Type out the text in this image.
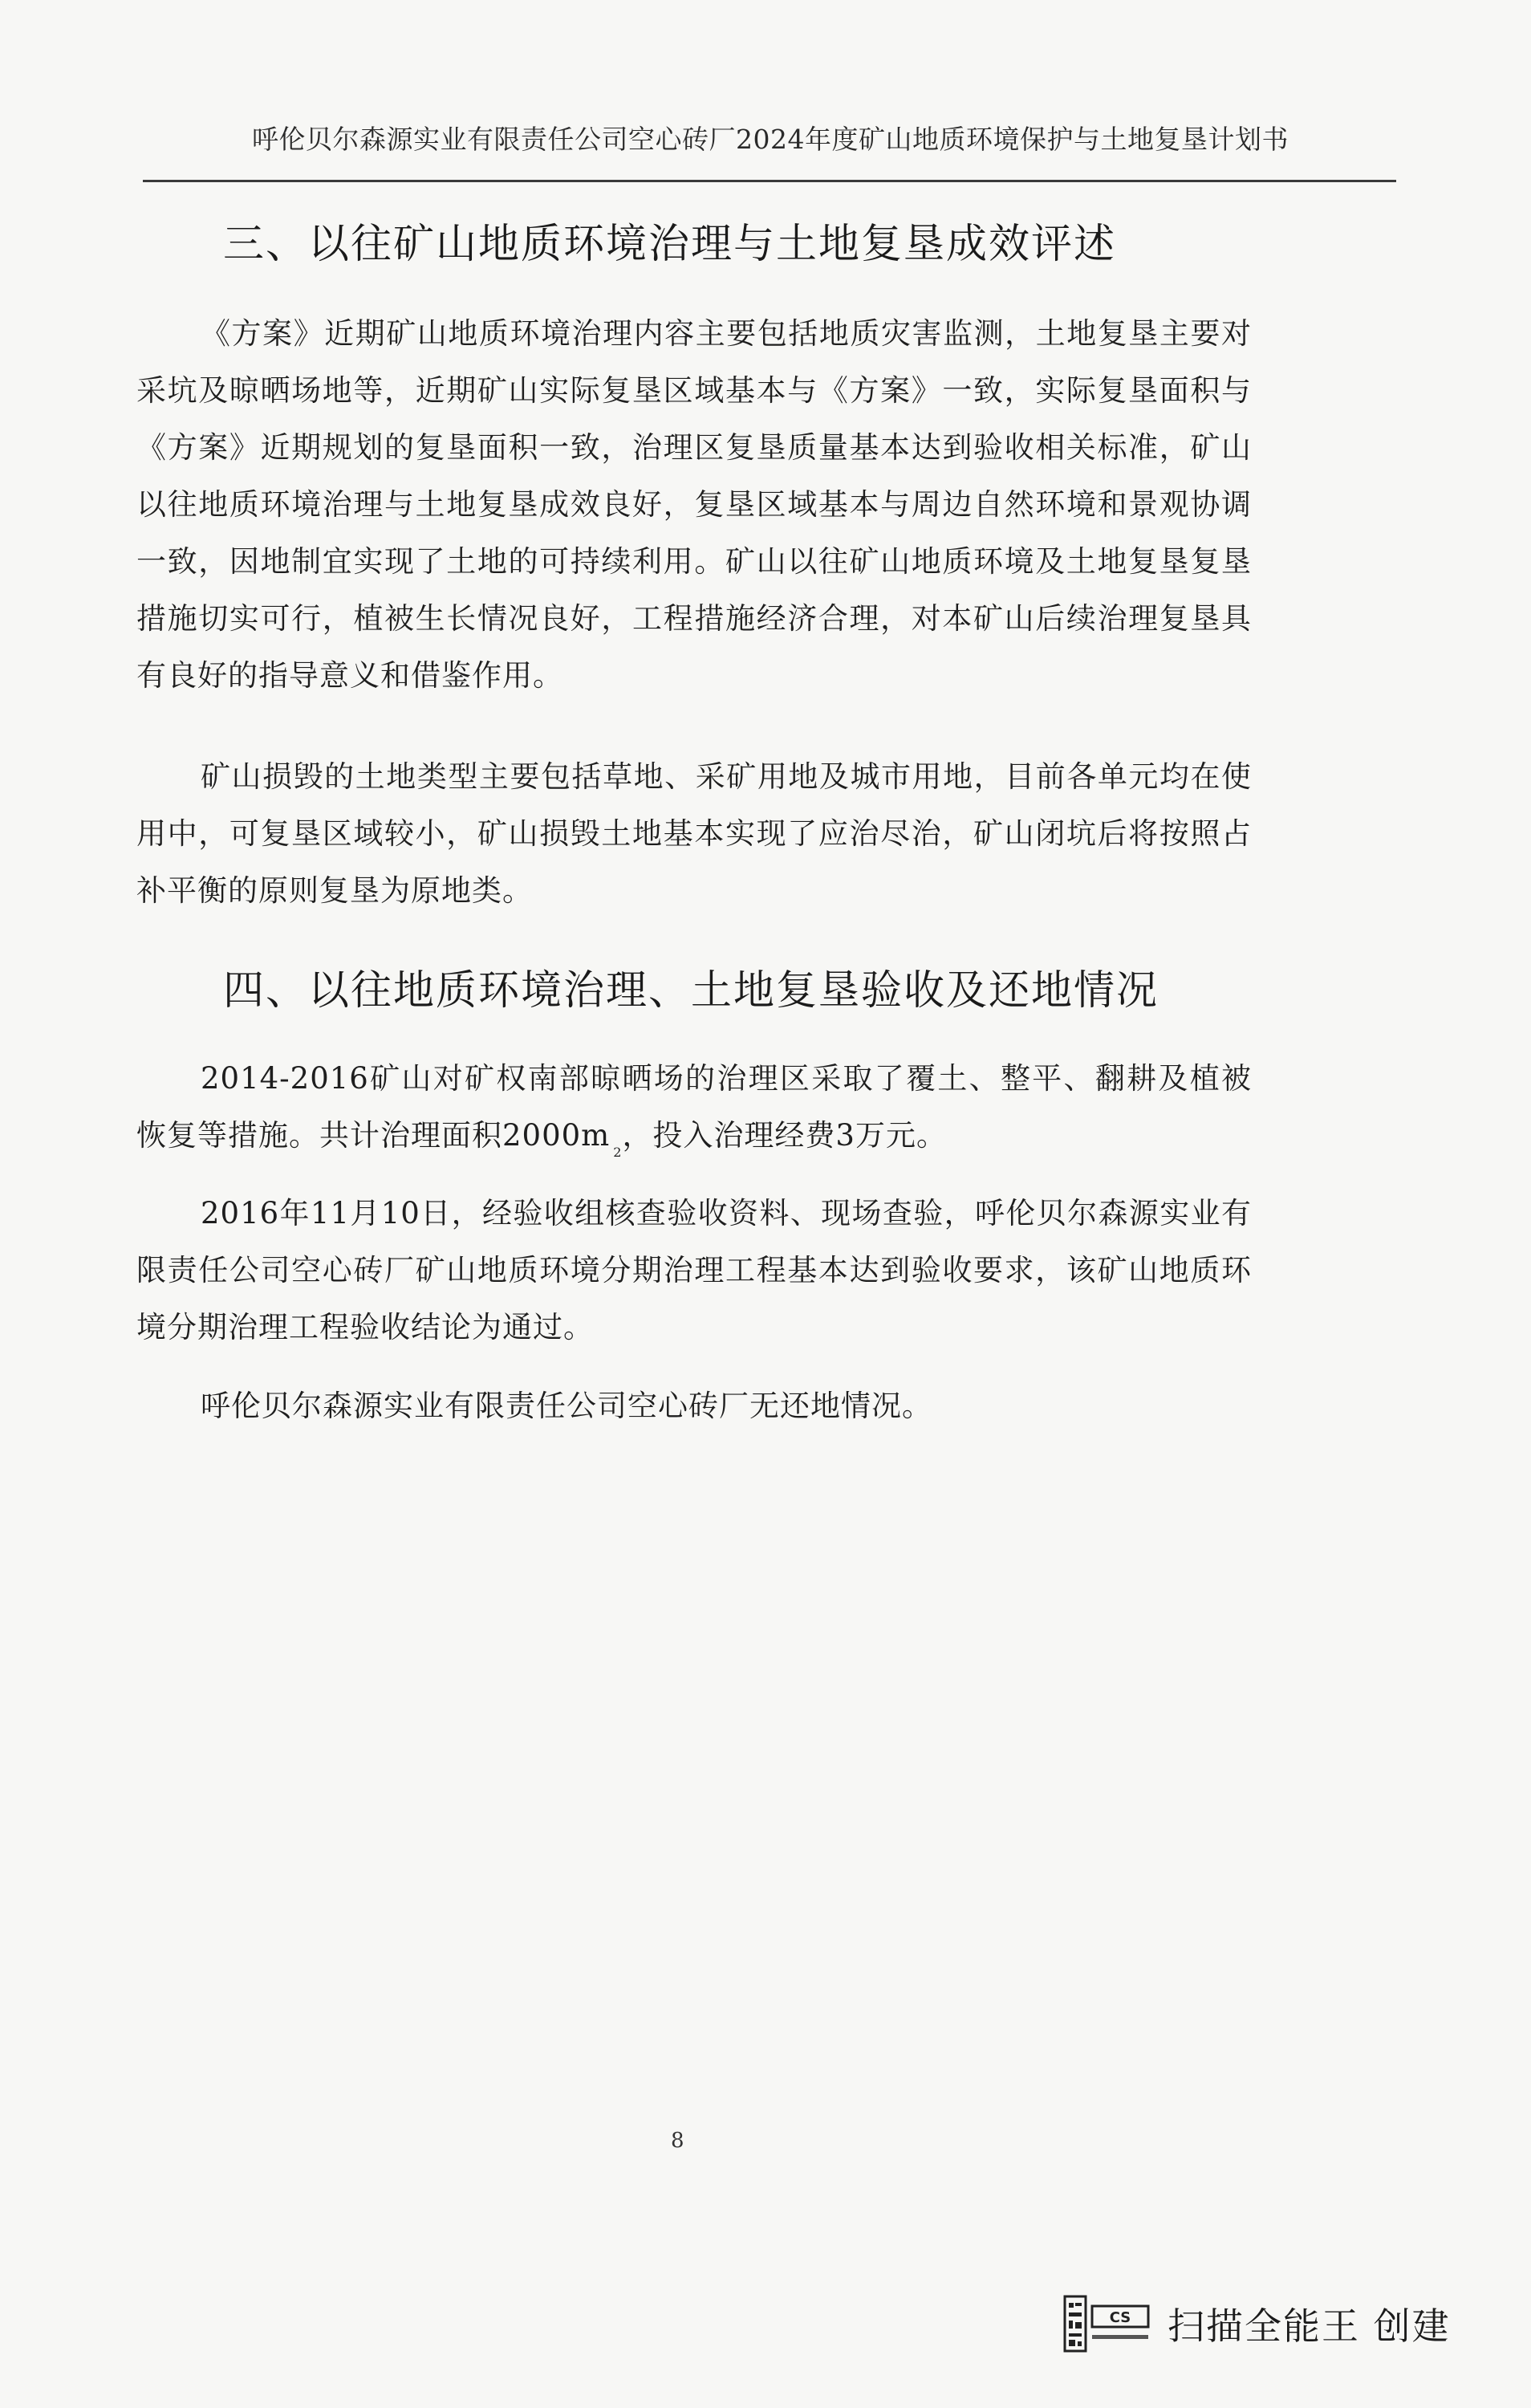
呼伦贝尔森源实业有限责任公司空心砖厂2024年度矿山地质环境保护与土地复垦计划书
三、以往矿山地质环境治理与土地复垦成效评述

《方案》近期矿山地质环境治理内容主要包括地质灾害监测，土地复垦主要对采坑及晾晒场地等，近期矿山实际复垦区域基本与《方案》一致，实际复垦面积与《方案》近期规划的复垦面积一致，治理区复垦质量基本达到验收相关标准，矿山以往地质环境治理与土地复垦成效良好，复垦区域基本与周边自然环境和景观协调一致，因地制宜实现了土地的可持续利用。矿山以往矿山地质环境及土地复垦复垦措施切实可行，植被生长情况良好，工程措施经济合理，对本矿山后续治理复垦具有良好的指导意义和借鉴作用。

矿山损毁的土地类型主要包括草地、采矿用地及城市用地，目前各单元均在使用中，可复垦区域较小，矿山损毁土地基本实现了应治尽治，矿山闭坑后将按照占补平衡的原则复垦为原地类。

四、以往地质环境治理、土地复垦验收及还地情况

2014-2016矿山对矿权南部晾晒场的治理区采取了覆土、整平、翻耕及植被恢复等措施。共计治理面积2000m $^2$，投入治理经费3万元。

2016年11月10日，经验收组核查验收资料、现场查验，呼伦贝尔森源实业有限责任公司空心砖厂矿山地质环境分期治理工程基本达到验收要求，该矿山地质环境分期治理工程验收结论为通过。

呼伦贝尔森源实业有限责任公司空心砖厂无还地情况。

8
CS 扫描全能王 创建
